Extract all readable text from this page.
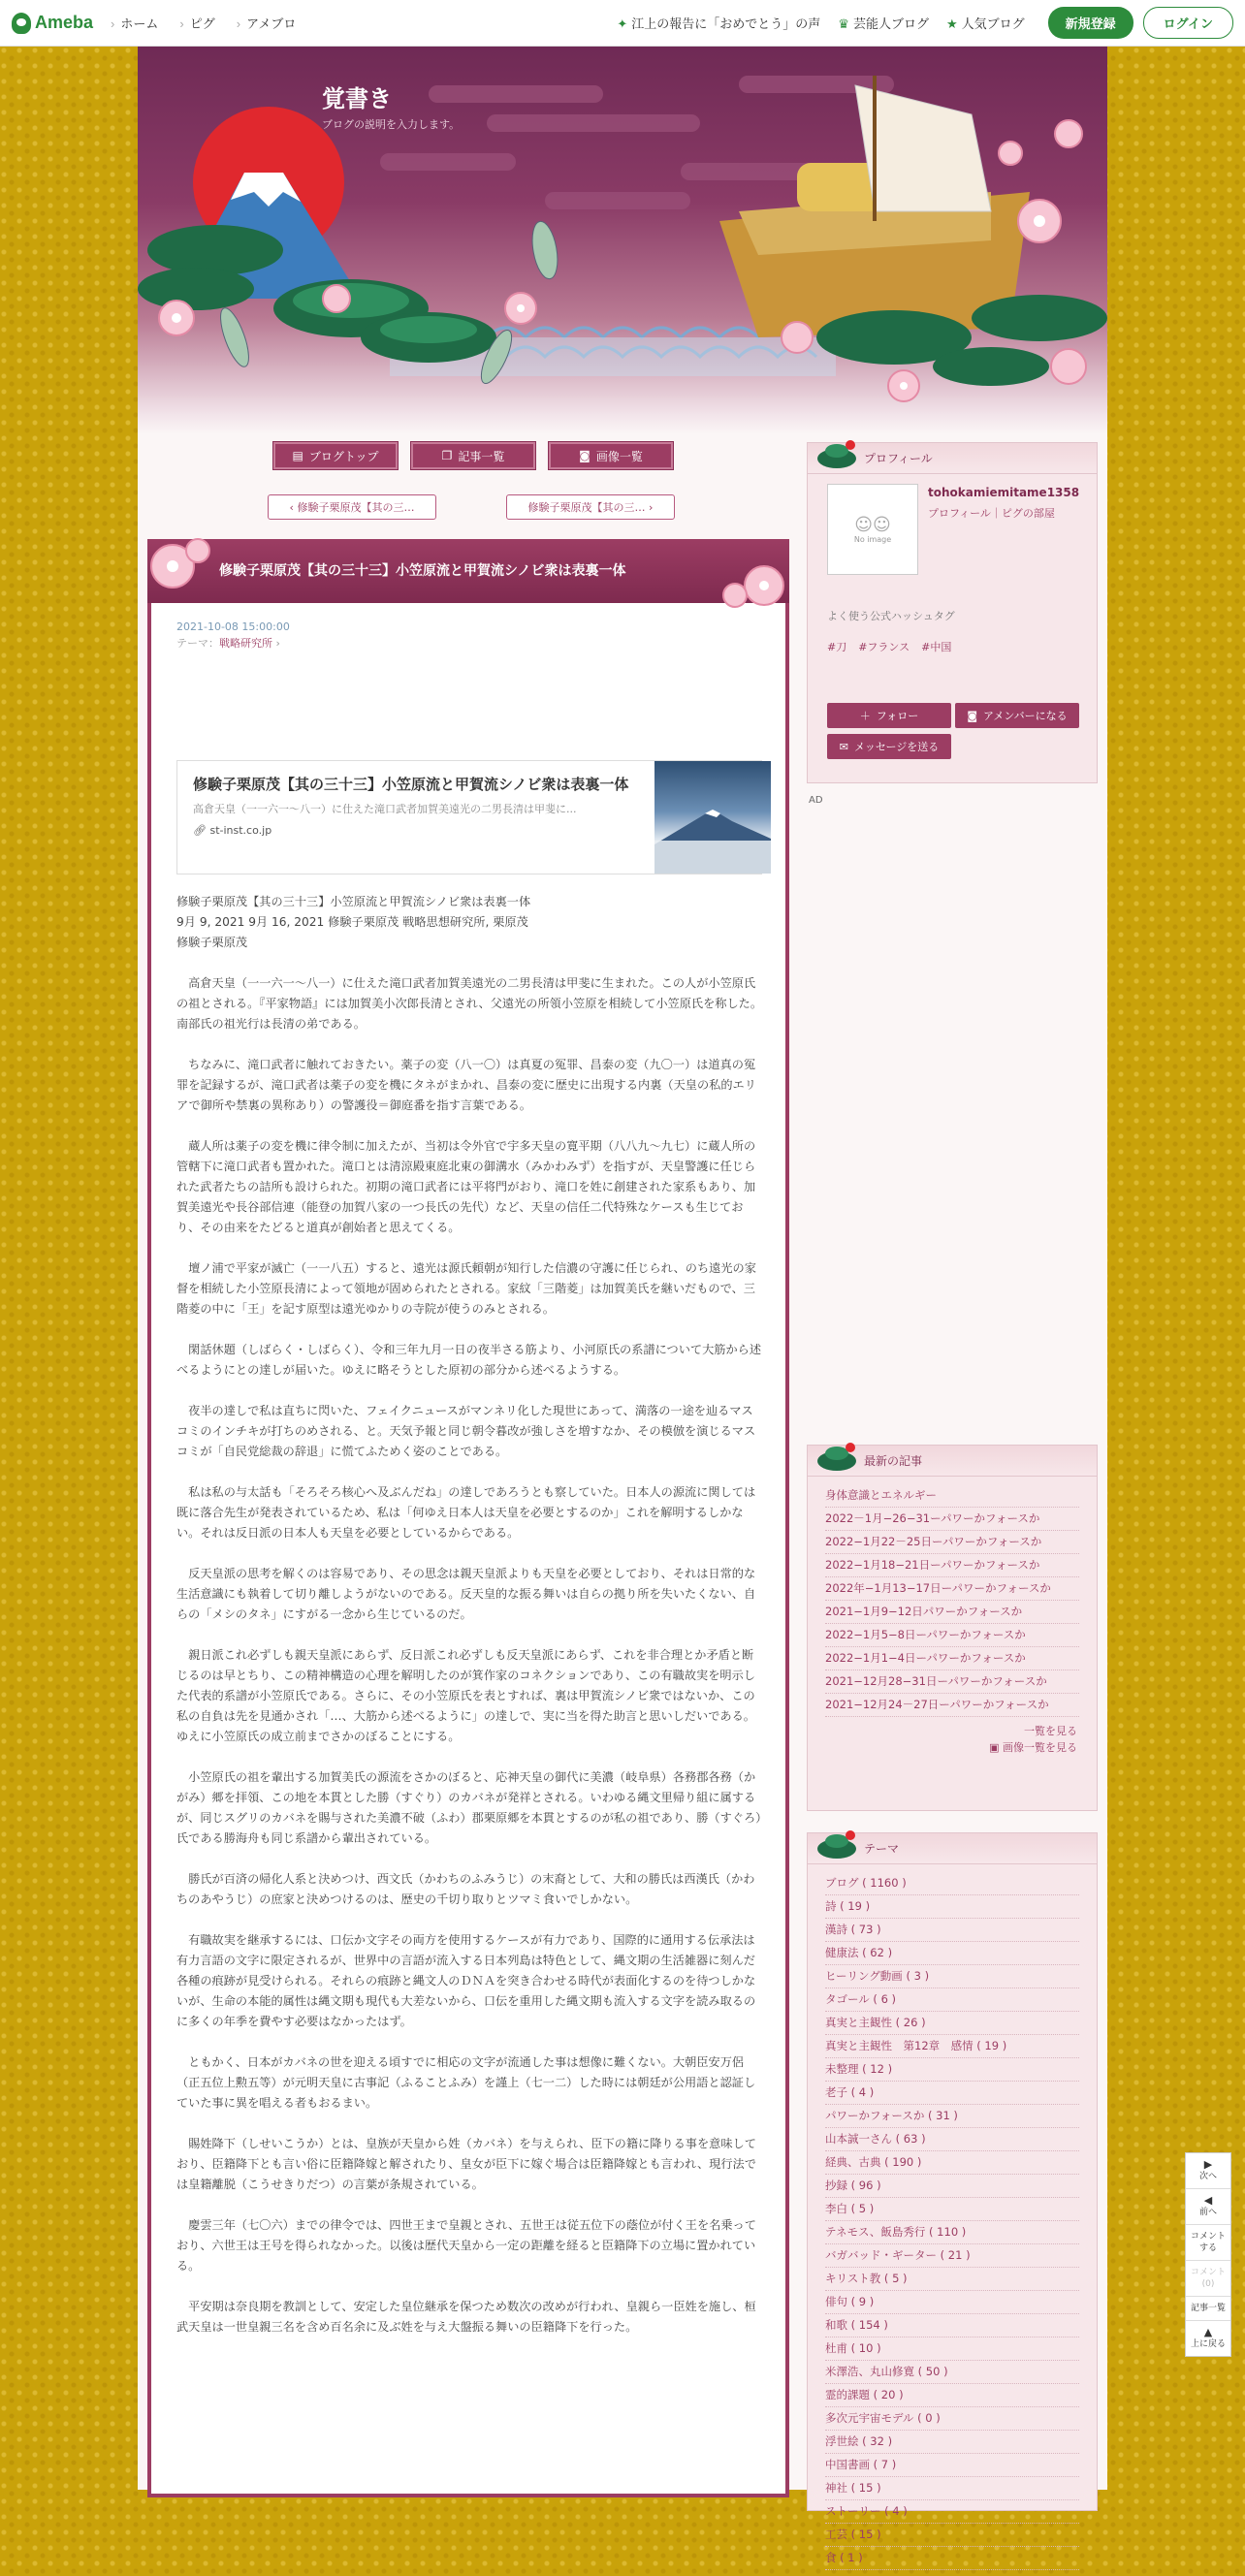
Ameba	› ホーム	› ピグ	› アメブロ	✦ 江上の報告に「おめでとう」の声 ♛ 芸能人ブログ ★ 人気ブログ	新規登録	ログイン
覚書き
ブログの説明を入力します。
▤ ブログトップ	❐ 記事一覧	◙ 画像一覧
‹ 修験子栗原茂【其の三…	修験子栗原茂【其の三… ›
修験子栗原茂【其の三十三】小笠原流と甲賀流シノビ衆は表裏一体
2021-10-08 15:00:00
テーマ：戦略研究所 ›
修験子栗原茂【其の三十三】小笠原流と甲賀流シノビ衆は表裏一体

高倉天皇（一一六一～八一）に仕えた滝口武者加賀美遠光の二男長清は甲斐に...

🔗︎ st-inst.co.jp

修験子栗原茂【其の三十三】小笠原流と甲賀流シノビ衆は表裏一体
9月 9, 2021 9月 16, 2021 修験子栗原茂 戦略思想研究所, 栗原茂
修験子栗原茂

　高倉天皇（一一六一～八一）に仕えた滝口武者加賀美遠光の二男長清は甲斐に生まれた。この人が小笠原氏の祖とされる。『平家物語』には加賀美小次郎長清とされ、父遠光の所領小笠原を相続して小笠原氏を称した。南部氏の祖光行は長清の弟である。

　ちなみに、滝口武者に触れておきたい。薬子の変（八一〇）は真夏の冤罪、昌泰の変（九〇一）は道真の冤罪を記録するが、滝口武者は薬子の変を機にタネがまかれ、昌泰の変に歴史に出現する内裏（天皇の私的エリアで御所や禁裏の異称あり）の警護役＝御庭番を指す言葉である。

　蔵人所は薬子の変を機に律令制に加えたが、当初は令外官で宇多天皇の寛平期（八八九～九七）に蔵人所の管轄下に滝口武者も置かれた。滝口とは清涼殿東庭北東の御溝水（みかわみず）を指すが、天皇警護に任じられた武者たちの詰所も設けられた。初期の滝口武者には平将門がおり、滝口を姓に創建された家系もあり、加賀美遠光や長谷部信連（能登の加賀八家の一つ長氏の先代）など、天皇の信任二代特殊なケースも生じており、その由来をたどると道真が創始者と思えてくる。

　壇ノ浦で平家が滅亡（一一八五）すると、遠光は源氏頼朝が知行した信濃の守護に任じられ、のち遠光の家督を相続した小笠原長清によって領地が固められたとされる。家紋「三階菱」は加賀美氏を継いだもので、三階菱の中に「王」を記す原型は遠光ゆかりの寺院が使うのみとされる。

　閑話休題（しばらく・しばらく）、令和三年九月一日の夜半さる筋より、小河原氏の系譜について大筋から述べるようにとの達しが届いた。ゆえに略そうとした原初の部分から述べるようする。

　夜半の達しで私は直ちに閃いた、フェイクニュースがマンネリ化した現世にあって、満落の一途を辿るマスコミのインチキが打ちのめされる、と。天気予報と同じ朝令暮改が強しさを増すなか、その模倣を演じるマスコミが「自民党総裁の辞退」に慌てふためく姿のことである。

　私は私の与太話も「そろそろ核心へ及ぶんだね」の達しであろうとも察していた。日本人の源流に関しては既に落合先生が発表されているため、私は「何ゆえ日本人は天皇を必要とするのか」これを解明するしかない。それは反日派の日本人も天皇を必要としているからである。

　反天皇派の思考を解くのは容易であり、その思念は親天皇派よりも天皇を必要としており、それは日常的な生活意識にも執着して切り離しようがないのである。反天皇的な振る舞いは自らの拠り所を失いたくない、自らの「メシのタネ」にすがる一念から生じているのだ。

　親日派これ必ずしも親天皇派にあらず、反日派これ必ずしも反天皇派にあらず、これを非合理とか矛盾と断じるのは早とちり、この精神構造の心理を解明したのが箕作家のコネクションであり、この有職故実を明示した代表的系譜が小笠原氏である。さらに、その小笠原氏を表とすれば、裏は甲賀流シノビ衆ではないか、この私の自負は先を見通かされ「…、大筋から述べるように」の達しで、実に当を得た助言と思いしだいである。ゆえに小笠原氏の成立前までさかのぼることにする。

　小笠原氏の祖を輩出する加賀美氏の源流をさかのぼると、応神天皇の御代に美濃（岐阜県）各務郡各務（かがみ）郷を拝領、この地を本貫とした勝（すぐり）のカバネが発祥とされる。いわゆる縄文里帰り組に属するが、同じスグリのカバネを賜与された美濃不破（ふわ）郡栗原郷を本貫とするのが私の祖であり、勝（すぐろ）氏である勝海舟も同じ系譜から輩出されている。

　勝氏が百済の帰化人系と決めつけ、西文氏（かわちのふみうじ）の末裔として、大和の勝氏は西漢氏（かわちのあやうじ）の庶家と決めつけるのは、歴史の千切り取りとツマミ食いでしかない。

　有職故実を継承するには、口伝か文字その両方を使用するケースが有力であり、国際的に通用する伝承法は有力言語の文字に限定されるが、世界中の言語が流入する日本列島は特色として、縄文期の生活雑器に刻んだ各種の痕跡が見受けられる。それらの痕跡と縄文人のＤＮＡを突き合わせる時代が表面化するのを待つしかないが、生命の本能的属性は縄文期も現代も大差ないから、口伝を重用した縄文期も流入する文字を読み取るのに多くの年季を費やす必要はなかったはず。

　ともかく、日本がカバネの世を迎える頃すでに相応の文字が流通した事は想像に難くない。大朝臣安万侶（正五位上勲五等）が元明天皇に古事記（ふることふみ）を謹上（七一二）した時には朝廷が公用語と認証していた事に異を唱える者もおるまい。

　賜姓降下（しせいこうか）とは、皇族が天皇から姓（カバネ）を与えられ、臣下の籍に降りる事を意味しており、臣籍降下とも言い俗に臣籍降嫁と解されたり、皇女が臣下に嫁ぐ場合は臣籍降嫁とも言われ、現行法では皇籍離脱（こうせきりだつ）の言葉が条規されている。

　慶雲三年（七〇六）までの律令では、四世王まで皇親とされ、五世王は従五位下の蔭位が付く王を名乗っており、六世王は王号を得られなかった。以後は歴代天皇から一定の距離を経ると臣籍降下の立場に置かれている。

　平安期は奈良期を教訓として、安定した皇位継承を保つため数次の改めが行われ、皇親ら一臣姓を施し、桓武天皇は一世皇親三名を含め百名余に及ぶ姓を与え大盤振る舞いの臣籍降下を行った。

プロフィール
☺☺
No image
tohokamiemitame1358
プロフィール｜ピグの部屋
よく使う公式ハッシュタグ
#刀 #フランス #中国
＋ フォロー	◙ アメンバーになる
✉ メッセージを送る
AD
最新の記事
身体意識とエネルギー
2022－1月−26−31ーパワーかフォースか
2022−1月22－25日ーパワーかフォースか
2022−1月18−21日ーパワーかフォースか
2022年−1月13−17日ーパワーかフォースか
2021−1月9−12日パワーかフォースか
2022−1月5−8日ーパワーかフォースか
2022−1月1−4日ーパワーかフォースか
2021−12月28−31日ーパワーかフォースか
2021−12月24－27日ーパワーかフォースか
一覧を見る
▣ 画像一覧を見る
テーマ
ブログ ( 1160 )
詩 ( 19 )
漢詩 ( 73 )
健康法 ( 62 )
ヒーリング動画 ( 3 )
タゴール ( 6 )
真実と主観性 ( 26 )
真実と主観性　第12章　感情 ( 19 )
未整理 ( 12 )
老子 ( 4 )
パワーかフォースか ( 31 )
山本誠一さん ( 63 )
経典、古典 ( 190 )
抄録 ( 96 )
李白 ( 5 )
テネモス、飯島秀行 ( 110 )
バガバッド・ギーター ( 21 )
キリスト教 ( 5 )
俳句 ( 9 )
和歌 ( 154 )
杜甫 ( 10 )
米澤浩、丸山修寛 ( 50 )
霊的課題 ( 20 )
多次元宇宙モデル ( 0 )
浮世絵 ( 32 )
中国書画 ( 7 )
神社 ( 15 )
ストーリー ( 4 )
工芸 ( 15 )
食 ( 1 )
▶
次へ
◀
前へ
コメントする
コメント(0)
記事一覧
▲
上に戻る
